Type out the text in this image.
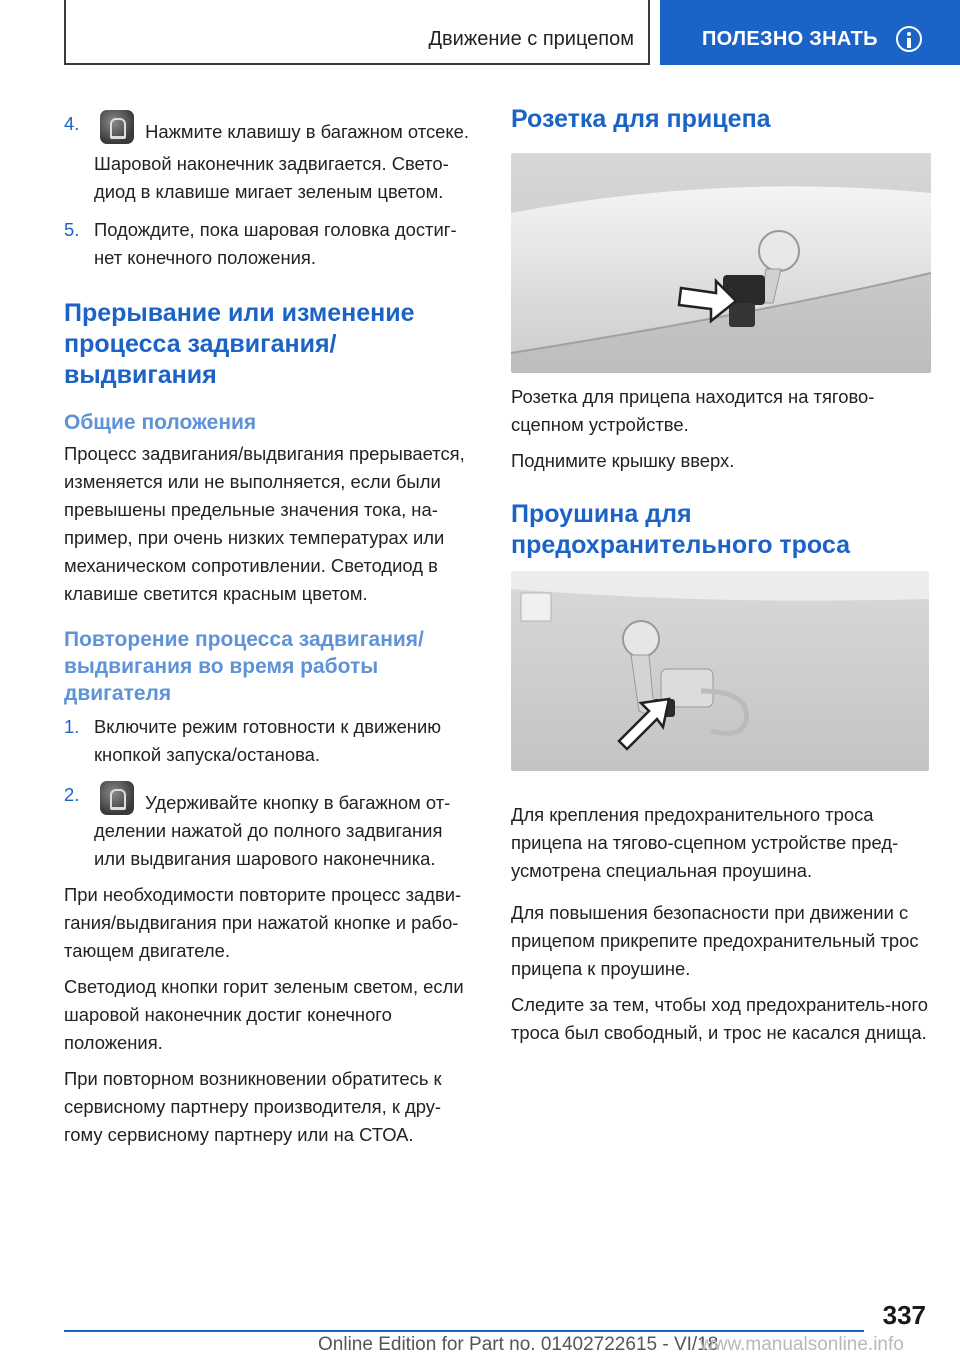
Движение с прицепом	ПОЛЕЗНО ЗНАТЬ
4.	Нажмите клавишу в багажном отсеке.
Шаровой наконечник задвигается. Свето-диод в клавише мигает зеленым цветом.
5. Подождите, пока шаровая головка достиг-нет конечного положения.
Прерывание или изменение процесса задвигания/ выдвигания
Общие положения
Процесс задвигания/выдвигания прерывается, изменяется или не выполняется, если были превышены предельные значения тока, на-пример, при очень низких температурах или механическом сопротивлении. Светодиод в клавише светится красным цветом.
Повторение процесса задвигания/ выдвигания во время работы двигателя
1. Включите режим готовности к движению кнопкой запуска/останова.
2.	Удерживайте кнопку в багажном от-делении нажатой до полного задвигания или выдвигания шарового наконечника.
При необходимости повторите процесс задви-гания/выдвигания при нажатой кнопке и рабо-тающем двигателе.
Светодиод кнопки горит зеленым светом, если шаровой наконечник достиг конечного положения.
При повторном возникновении обратитесь к сервисному партнеру производителя, к дру-гому сервисному партнеру или на СТОА.
Розетка для прицепа
Розетка для прицепа находится на тягово-сцепном устройстве.
Поднимите крышку вверх.
Проушина для предохранительного троса
Для крепления предохранительного троса прицепа на тягово-сцепном устройстве пред-усмотрена специальная проушина.
Для повышения безопасности при движении с прицепом прикрепите предохранительный трос прицепа к проушине.
Следите за тем, чтобы ход предохранитель-ного троса был свободный, и трос не касался днища.
337
Online Edition for Part no. 01402722615 - VI/18
www.manualsonline.info
